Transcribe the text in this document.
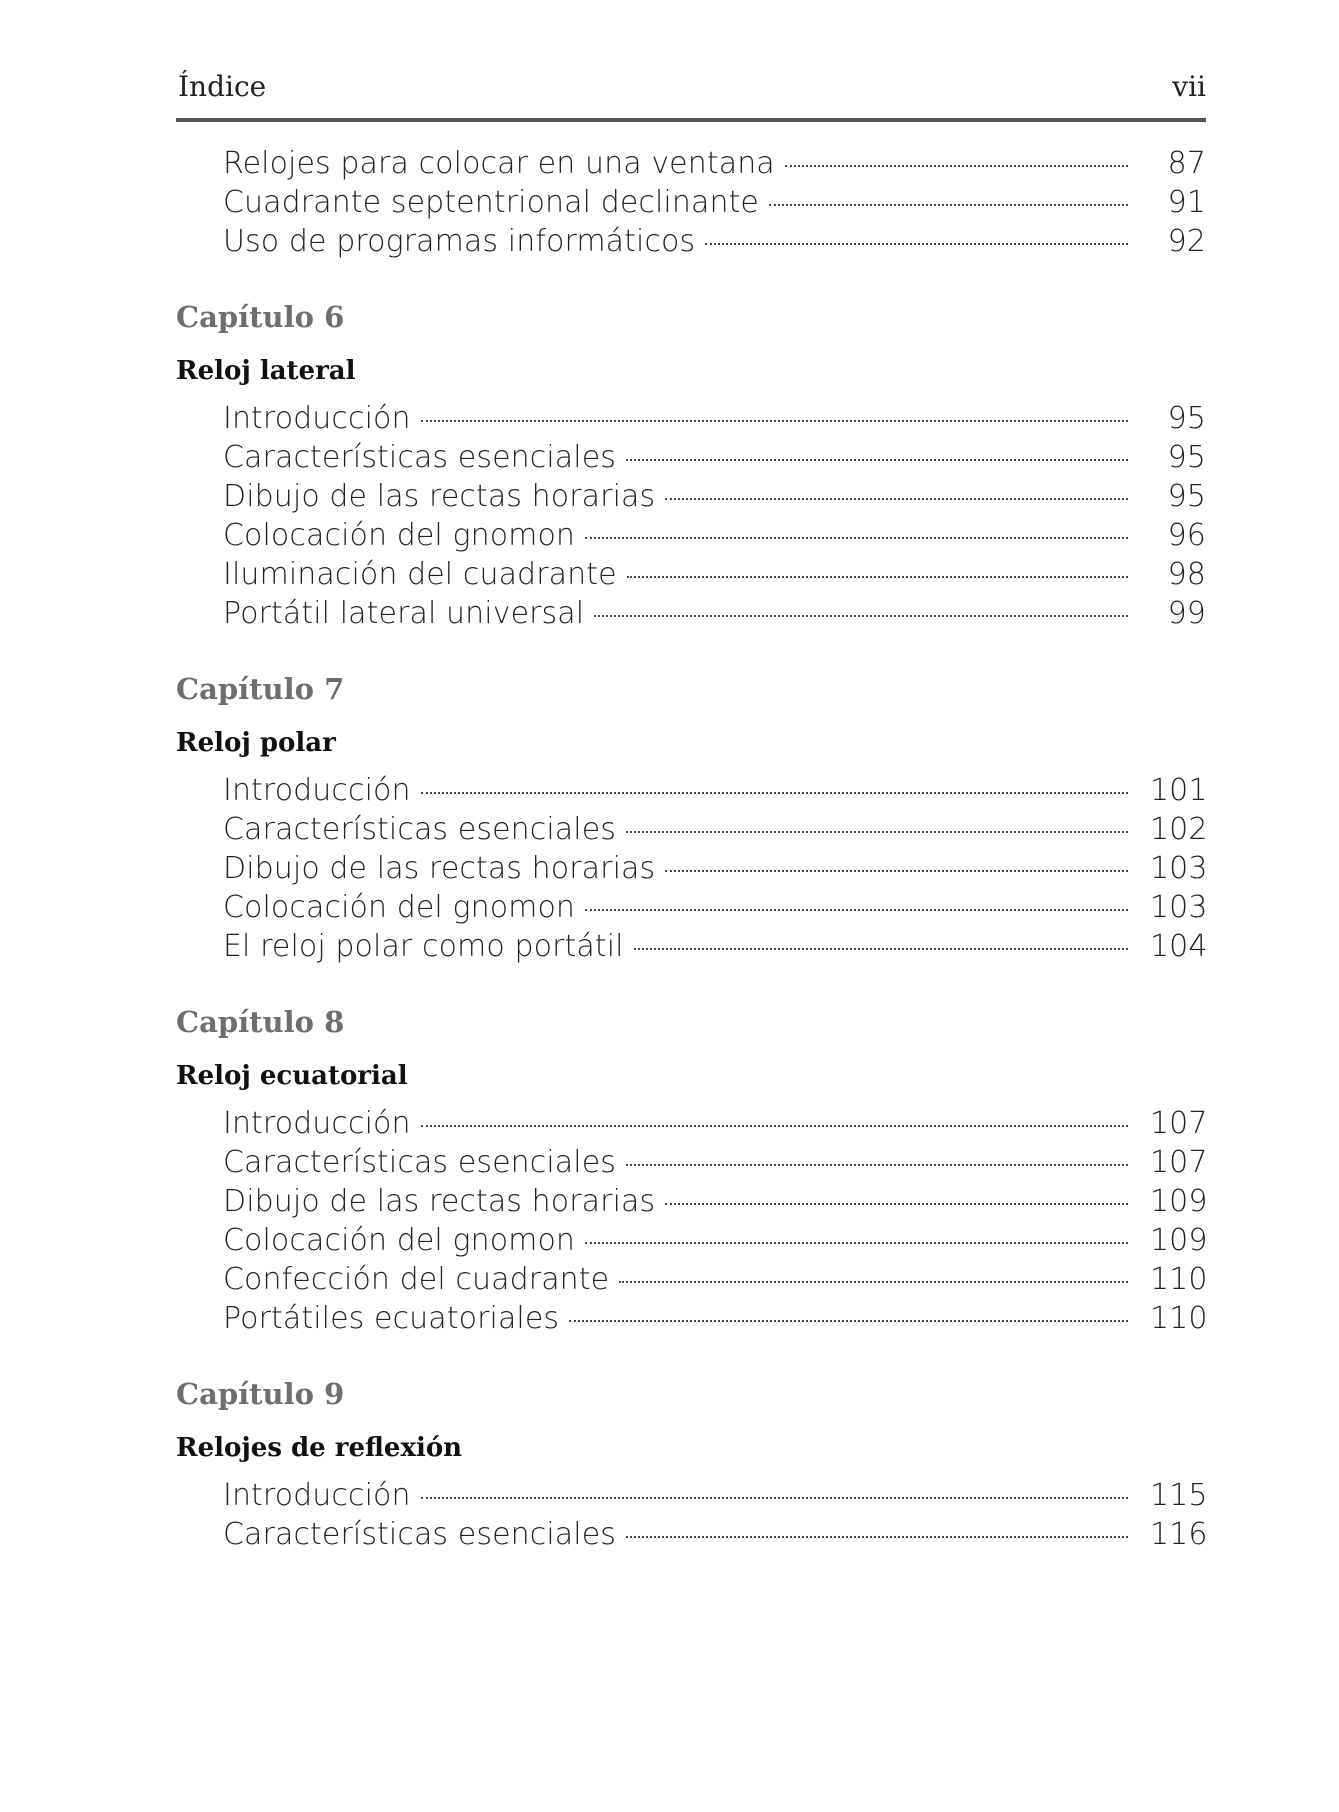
Índice	vii
Relojes para colocar en una ventana	87
Cuadrante septentrional declinante	91
Uso de programas informáticos	92
Capítulo 6
Reloj lateral
Introducción	95
Características esenciales	95
Dibujo de las rectas horarias	95
Colocación del gnomon	96
Iluminación del cuadrante	98
Portátil lateral universal	99
Capítulo 7
Reloj polar
Introducción	101
Características esenciales	102
Dibujo de las rectas horarias	103
Colocación del gnomon	103
El reloj polar como portátil	104
Capítulo 8
Reloj ecuatorial
Introducción	107
Características esenciales	107
Dibujo de las rectas horarias	109
Colocación del gnomon	109
Confección del cuadrante	110
Portátiles ecuatoriales	110
Capítulo 9
Relojes de reflexión
Introducción	115
Características esenciales	116
